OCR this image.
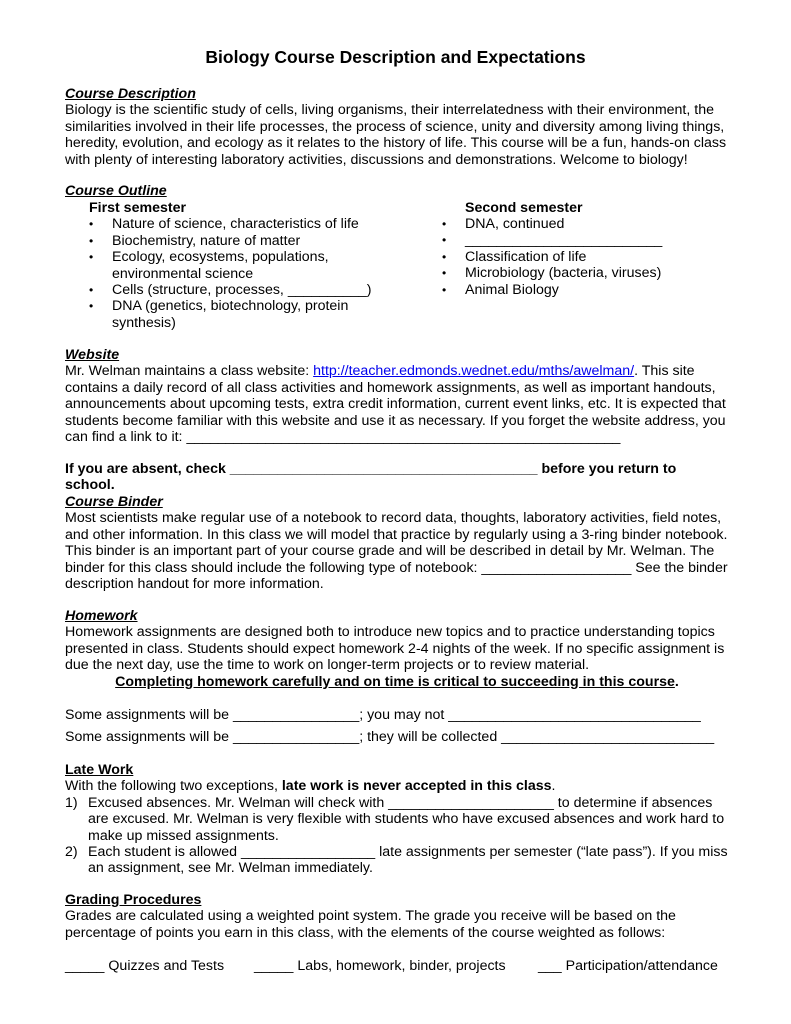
Biology Course Description and Expectations
Course Description

Biology is the scientific study of cells, living organisms, their interrelatedness with their environment, the similarities involved in their life processes, the process of science, unity and diversity among living things, heredity, evolution, and ecology as it relates to the history of life. This course will be a fun, hands-on class with plenty of interesting laboratory activities, discussions and demonstrations. Welcome to biology!

Course Outline
First semester
• Nature of science, characteristics of life
• Biochemistry, nature of matter
• Ecology, ecosystems, populations, environmental science
• Cells (structure, processes, __________)
• DNA (genetics, biotechnology, protein synthesis)
Second semester
• DNA, continued
• _________________________
• Classification of life
• Microbiology (bacteria, viruses)
• Animal Biology
Website

Mr. Welman maintains a class website: http://teacher.edmonds.wednet.edu/mths/awelman/. This site contains a daily record of all class activities and homework assignments, as well as important handouts, announcements about upcoming tests, extra credit information, current event links, etc. It is expected that students become familiar with this website and use it as necessary. If you forget the website address, you can find a link to it: _______________________________________________________

If you are absent, check _______________________________________ before you return to school.
Course Binder

Most scientists make regular use of a notebook to record data, thoughts, laboratory activities, field notes, and other information. In this class we will model that practice by regularly using a 3-ring binder notebook. This binder is an important part of your course grade and will be described in detail by Mr. Welman. The binder for this class should include the following type of notebook: ___________________ See the binder description handout for more information.

Homework

Homework assignments are designed both to introduce new topics and to practice understanding topics presented in class. Students should expect homework 2-4 nights of the week. If no specific assignment is due the next day, use the time to work on longer-term projects or to review material.

Completing homework carefully and on time is critical to succeeding in this course.

Some assignments will be ________________; you may not ________________________________
Some assignments will be ________________; they will be collected ___________________________
Late Work

With the following two exceptions, late work is never accepted in this class.

1) Excused absences. Mr. Welman will check with _____________________ to determine if absences are excused. Mr. Welman is very flexible with students who have excused absences and work hard to make up missed assignments.
2) Each student is allowed _________________ late assignments per semester (“late pass”). If you miss an assignment, see Mr. Welman immediately.
Grading Procedures

Grades are calculated using a weighted point system. The grade you receive will be based on the percentage of points you earn in this class, with the elements of the course weighted as follows:

_____ Quizzes and Tests _____ Labs, homework, binder, projects ___ Participation/attendance
